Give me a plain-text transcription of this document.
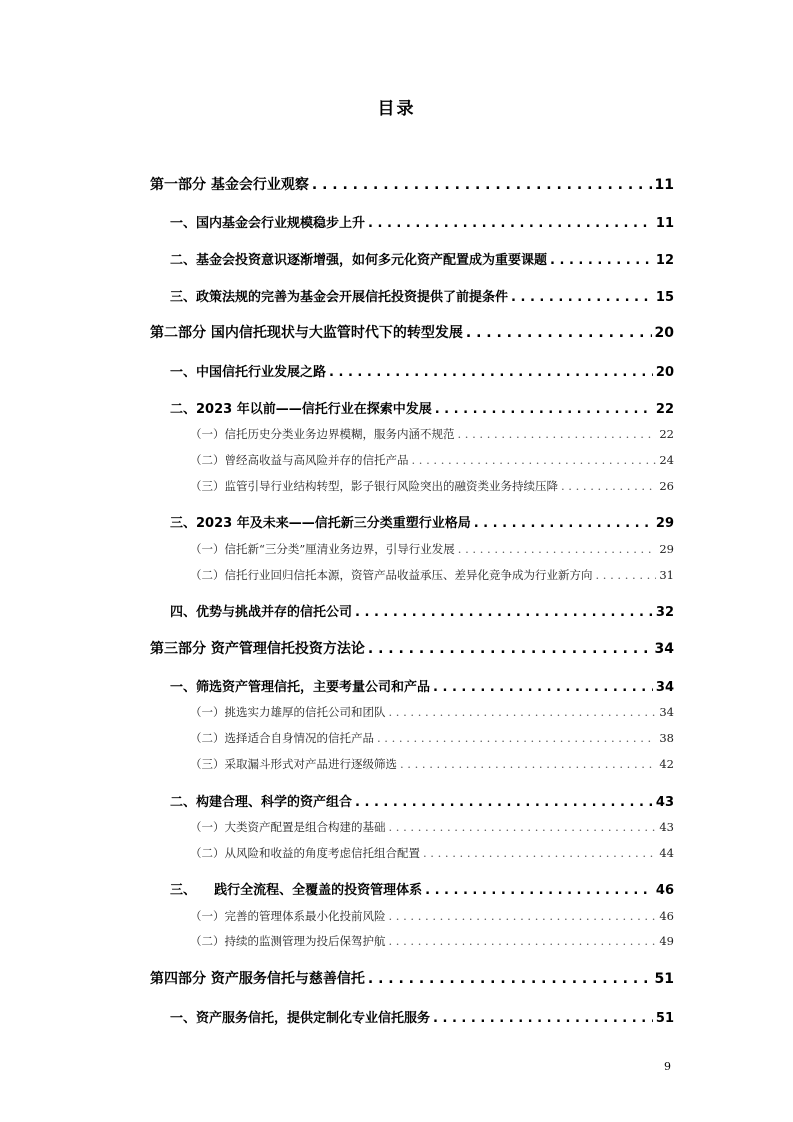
目录
第一部分 基金会行业观察 . . .	11
一、国内基金会行业规模稳步上升 . . .	11
二、基金会投资意识逐渐增强，如何多元化资产配置成为重要课题 . . .	12
三、政策法规的完善为基金会开展信托投资提供了前提条件 . . .	15
第二部分 国内信托现状与大监管时代下的转型发展 . . .	20
一、中国信托行业发展之路 . . .	20
二、2023 年以前——信托行业在探索中发展 . . .	22
（一）信托历史分类业务边界模糊，服务内涵不规范 . . .	22
（二）曾经高收益与高风险并存的信托产品 . . .	24
（三）监管引导行业结构转型，影子银行风险突出的融资类业务持续压降 . . .	26
三、2023 年及未来——信托新三分类重塑行业格局 . . .	29
（一）信托新“三分类”厘清业务边界，引导行业发展 . . .	29
（二）信托行业回归信托本源，资管产品收益承压、差异化竞争成为行业新方向 . . .	31
四、优势与挑战并存的信托公司 . . .	32
第三部分 资产管理信托投资方法论 . . .	34
一、筛选资产管理信托，主要考量公司和产品 . . .	34
（一）挑选实力雄厚的信托公司和团队 . . .	34
（二）选择适合自身情况的信托产品 . . .	38
（三）采取漏斗形式对产品进行逐级筛选 . . .	42
二、构建合理、科学的资产组合 . . .	43
（一）大类资产配置是组合构建的基础 . . .	43
（二）从风险和收益的角度考虑信托组合配置 . . .	44
三、    践行全流程、全覆盖的投资管理体系 . . .	46
（一）完善的管理体系最小化投前风险 . . .	46
（二）持续的监测管理为投后保驾护航 . . .	49
第四部分 资产服务信托与慈善信托 . . .	51
一、资产服务信托，提供定制化专业信托服务 . . .	51
9
